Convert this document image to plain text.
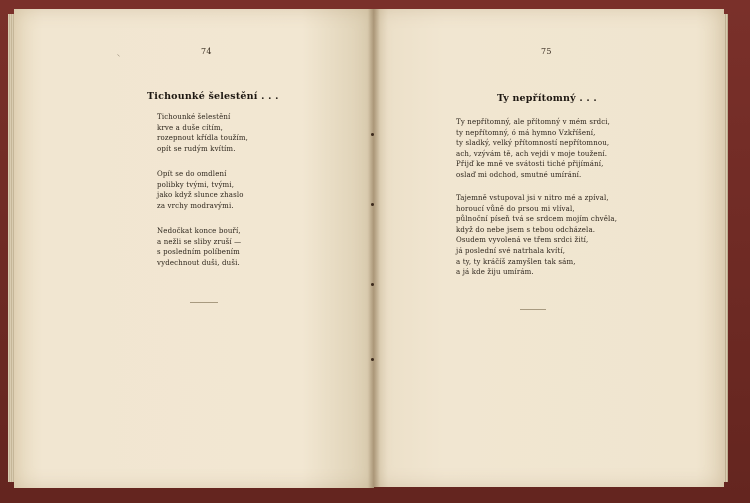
74
⸜
Tichounké šelestění . . .
Tichounké šelestění
krve a duše cítím,
rozepnout křídla toužím,
opít se rudým kvítím.
Opít se do omdlení
polibky tvými, tvými,
jako když slunce zhaslo
za vrchy modravými.
Nedočkat konce bouří,
a nežli se sliby zruší —
s posledním políbením
vydechnout duši, duši.
75
Ty nepřítomný . . .
Ty nepřítomný, ale přítomný v mém srdci,
ty nepřítomný, ó má hymno Vzkříšení,
ty sladký, velký přítomností nepřítomnou,
ach, vzývám tě, ach vejdi v moje toužení.
Přijď ke mně ve svátosti tiché přijímání,
oslaď mi odchod, smutné umírání.
Tajemně vstupoval jsi v nitro mé a zpíval,
horoucí vůně do prsou mi vlíval,
půlnoční píseň tvá se srdcem mojím chvěla,
když do nebe jsem s tebou odcházela.
Osudem vyvolená ve třem srdci žití,
já poslední své natrhala kvítí,
a ty, ty kráčíš zamyšlen tak sám,
a já kde žiju umírám.
